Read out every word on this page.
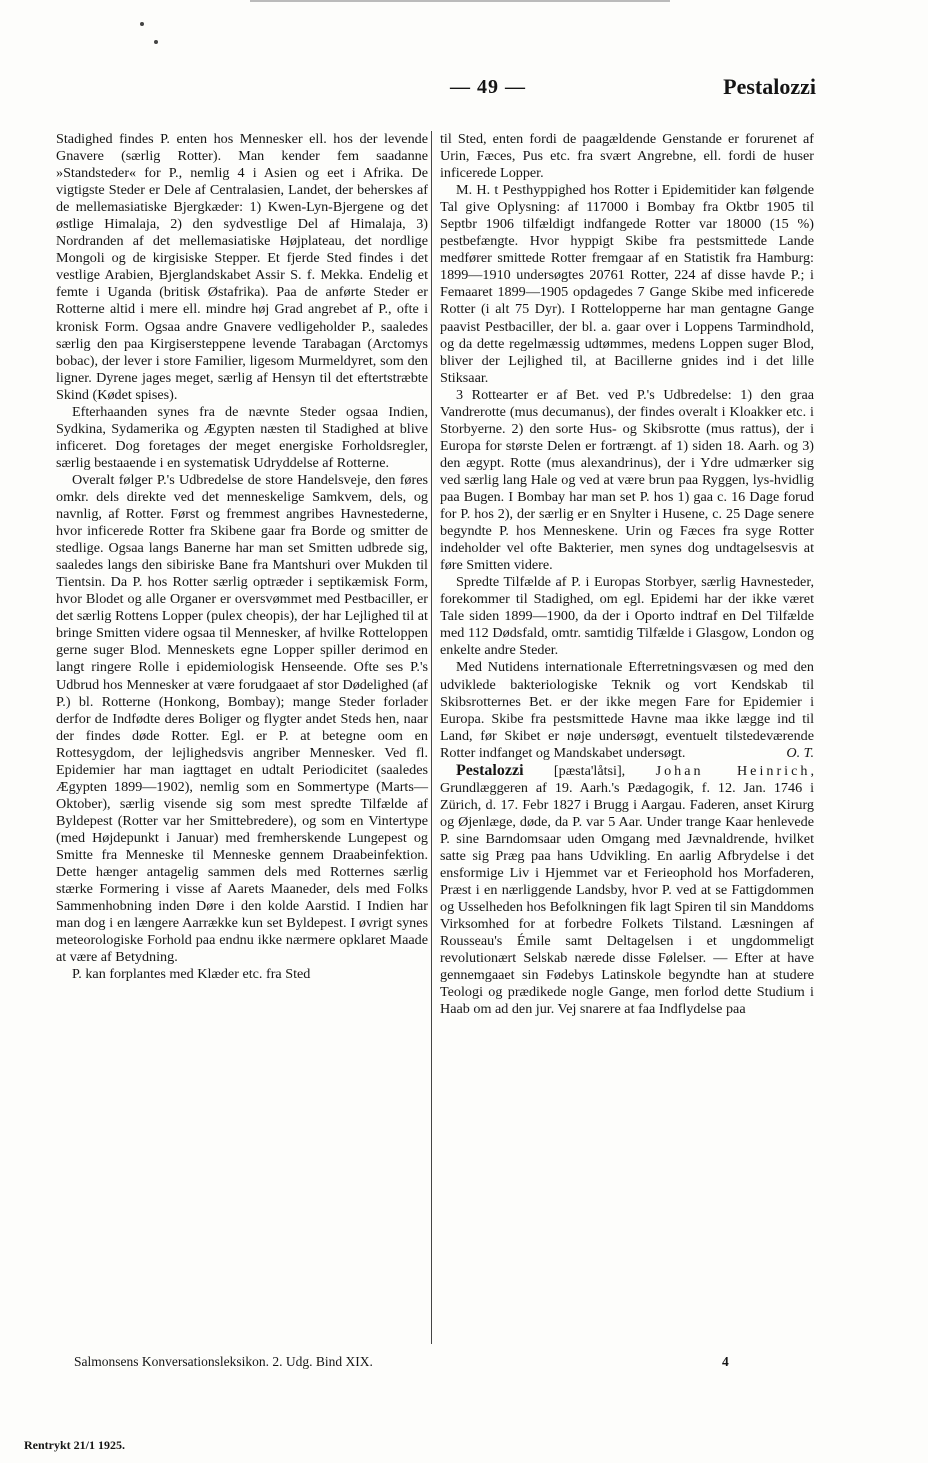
— 49 —	Pestalozzi

Stadighed findes P. enten hos Mennesker ell. hos der levende Gnavere (særlig Rotter). Man kender fem saadanne »Standsteder« for P., nemlig 4 i Asien og eet i Afrika. De vigtigste Steder er Dele af Centralasien, Landet, der beherskes af de mellemasiatiske Bjergkæder: 1) Kwen-Lyn-Bjergene og det østlige Himalaja, 2) den sydvestlige Del af Himalaja, 3) Nordranden af det mellemasiatiske Højplateau, det nordlige Mongoli og de kirgisiske Stepper. Et fjerde Sted findes i det vestlige Arabien, Bjerglandskabet Assir S. f. Mekka. Endelig et femte i Uganda (britisk Østafrika). Paa de anførte Steder er Rotterne altid i mere ell. mindre høj Grad angrebet af P., ofte i kronisk Form. Ogsaa andre Gnavere vedligeholder P., saaledes særlig den paa Kirgisersteppene levende Tarabagan (Arctomys bobac), der lever i store Familier, ligesom Murmeldyret, som den ligner. Dyrene jages meget, særlig af Hensyn til det eftertstræbte Skind (Kødet spises).

Efterhaanden synes fra de nævnte Steder ogsaa Indien, Sydkina, Sydamerika og Ægypten næsten til Stadighed at blive inficeret. Dog foretages der meget energiske Forholdsregler, særlig bestaaende i en systematisk Udryddelse af Rotterne.

Overalt følger P.'s Udbredelse de store Handelsveje, den føres omkr. dels direkte ved det menneskelige Samkvem, dels, og navnlig, af Rotter. Først og fremmest angribes Havnestederne, hvor inficerede Rotter fra Skibene gaar fra Borde og smitter de stedlige. Ogsaa langs Banerne har man set Smitten udbrede sig, saaledes langs den sibiriske Bane fra Mantshuri over Mukden til Tientsin. Da P. hos Rotter særlig optræder i septikæmisk Form, hvor Blodet og alle Organer er oversvømmet med Pestbaciller, er det særlig Rottens Lopper (pulex cheopis), der har Lejlighed til at bringe Smitten videre ogsaa til Mennesker, af hvilke Rotteloppen gerne suger Blod. Menneskets egne Lopper spiller derimod en langt ringere Rolle i epidemiologisk Henseende. Ofte ses P.'s Udbrud hos Mennesker at være forudgaaet af stor Dødelighed (af P.) bl. Rotterne (Honkong, Bombay); mange Steder forlader derfor de Indfødte deres Boliger og flygter andet Steds hen, naar der findes døde Rotter. Egl. er P. at betegne oom en Rottesygdom, der lejlighedsvis angriber Mennesker. Ved fl. Epidemier har man iagttaget en udtalt Periodicitet (saaledes Ægypten 1899—1902), nemlig som en Sommertype (Marts—Oktober), særlig visende sig som mest spredte Tilfælde af Byldepest (Rotter var her Smittebredere), og som en Vintertype (med Højdepunkt i Januar) med fremherskende Lungepest og Smitte fra Menneske til Menneske gennem Draabeinfektion. Dette hænger antagelig sammen dels med Rotternes særlig stærke Formering i visse af Aarets Maaneder, dels med Folks Sammenhobning inden Døre i den kolde Aarstid. I Indien har man dog i en længere Aarrække kun set Byldepest. I øvrigt synes meteorologiske Forhold paa endnu ikke nærmere opklaret Maade at være af Betydning.

P. kan forplantes med Klæder etc. fra Sted

til Sted, enten fordi de paagældende Genstande er forurenet af Urin, Fæces, Pus etc. fra svært Angrebne, ell. fordi de huser inficerede Lopper.

M. H. t Pesthyppighed hos Rotter i Epidemitider kan følgende Tal give Oplysning: af 117000 i Bombay fra Oktbr 1905 til Septbr 1906 tilfældigt indfangede Rotter var 18000 (15 %) pestbefængte. Hvor hyppigt Skibe fra pestsmittede Lande medfører smittede Rotter fremgaar af en Statistik fra Hamburg: 1899—1910 undersøgtes 20761 Rotter, 224 af disse havde P.; i Femaaret 1899—1905 opdagedes 7 Gange Skibe med inficerede Rotter (i alt 75 Dyr). I Rottelopperne har man gentagne Gange paavist Pestbaciller, der bl. a. gaar over i Loppens Tarmindhold, og da dette regelmæssig udtømmes, medens Loppen suger Blod, bliver der Lejlighed til, at Bacillerne gnides ind i det lille Stiksaar.

3 Rottearter er af Bet. ved P.'s Udbredelse: 1) den graa Vandrerotte (mus decumanus), der findes overalt i Kloakker etc. i Storbyerne. 2) den sorte Hus- og Skibsrotte (mus rattus), der i Europa for største Delen er fortrængt. af 1) siden 18. Aarh. og 3) den ægypt. Rotte (mus alexandrinus), der i Ydre udmærker sig ved særlig lang Hale og ved at være brun paa Ryggen, lys-hvidlig paa Bugen. I Bombay har man set P. hos 1) gaa c. 16 Dage forud for P. hos 2), der særlig er en Snylter i Husene, c. 25 Dage senere begyndte P. hos Menneskene. Urin og Fæces fra syge Rotter indeholder vel ofte Bakterier, men synes dog undtagelsesvis at føre Smitten videre.

Spredte Tilfælde af P. i Europas Storbyer, særlig Havnesteder, forekommer til Stadighed, om egl. Epidemi har der ikke været Tale siden 1899—1900, da der i Oporto indtraf en Del Tilfælde med 112 Dødsfald, omtr. samtidig Tilfælde i Glasgow, London og enkelte andre Steder.

Med Nutidens internationale Efterretningsvæsen og med den udviklede bakteriologiske Teknik og vort Kendskab til Skibsrotternes Bet. er der ikke megen Fare for Epidemier i Europa. Skibe fra pestsmittede Havne maa ikke lægge ind til Land, før Skibet er nøje undersøgt, eventuelt tilstedeværende Rotter indfanget og Mandskabet undersøgt.	O. T.

Pestalozzi [pæsta'låtsi], Johan Heinrich, Grundlæggeren af 19. Aarh.'s Pædagogik, f. 12. Jan. 1746 i Zürich, d. 17. Febr 1827 i Brugg i Aargau. Faderen, anset Kirurg og Øjenlæge, døde, da P. var 5 Aar. Under trange Kaar henlevede P. sine Barndomsaar uden Omgang med Jævnaldrende, hvilket satte sig Præg paa hans Udvikling. En aarlig Afbrydelse i det ensformige Liv i Hjemmet var et Ferieophold hos Morfaderen, Præst i en nærliggende Landsby, hvor P. ved at se Fattigdommen og Usselheden hos Befolkningen fik lagt Spiren til sin Manddoms Virksomhed for at forbedre Folkets Tilstand. Læsningen af Rousseau's Émile samt Deltagelsen i et ungdommeligt revolutionært Selskab nærede disse Følelser. — Efter at have gennemgaaet sin Fødebys Latinskole begyndte han at studere Teologi og prædikede nogle Gange, men forlod dette Studium i Haab om ad den jur. Vej snarere at faa Indflydelse paa

Salmonsens Konversationsleksikon. 2. Udg. Bind XIX.	4
Rentrykt 21/1 1925.
